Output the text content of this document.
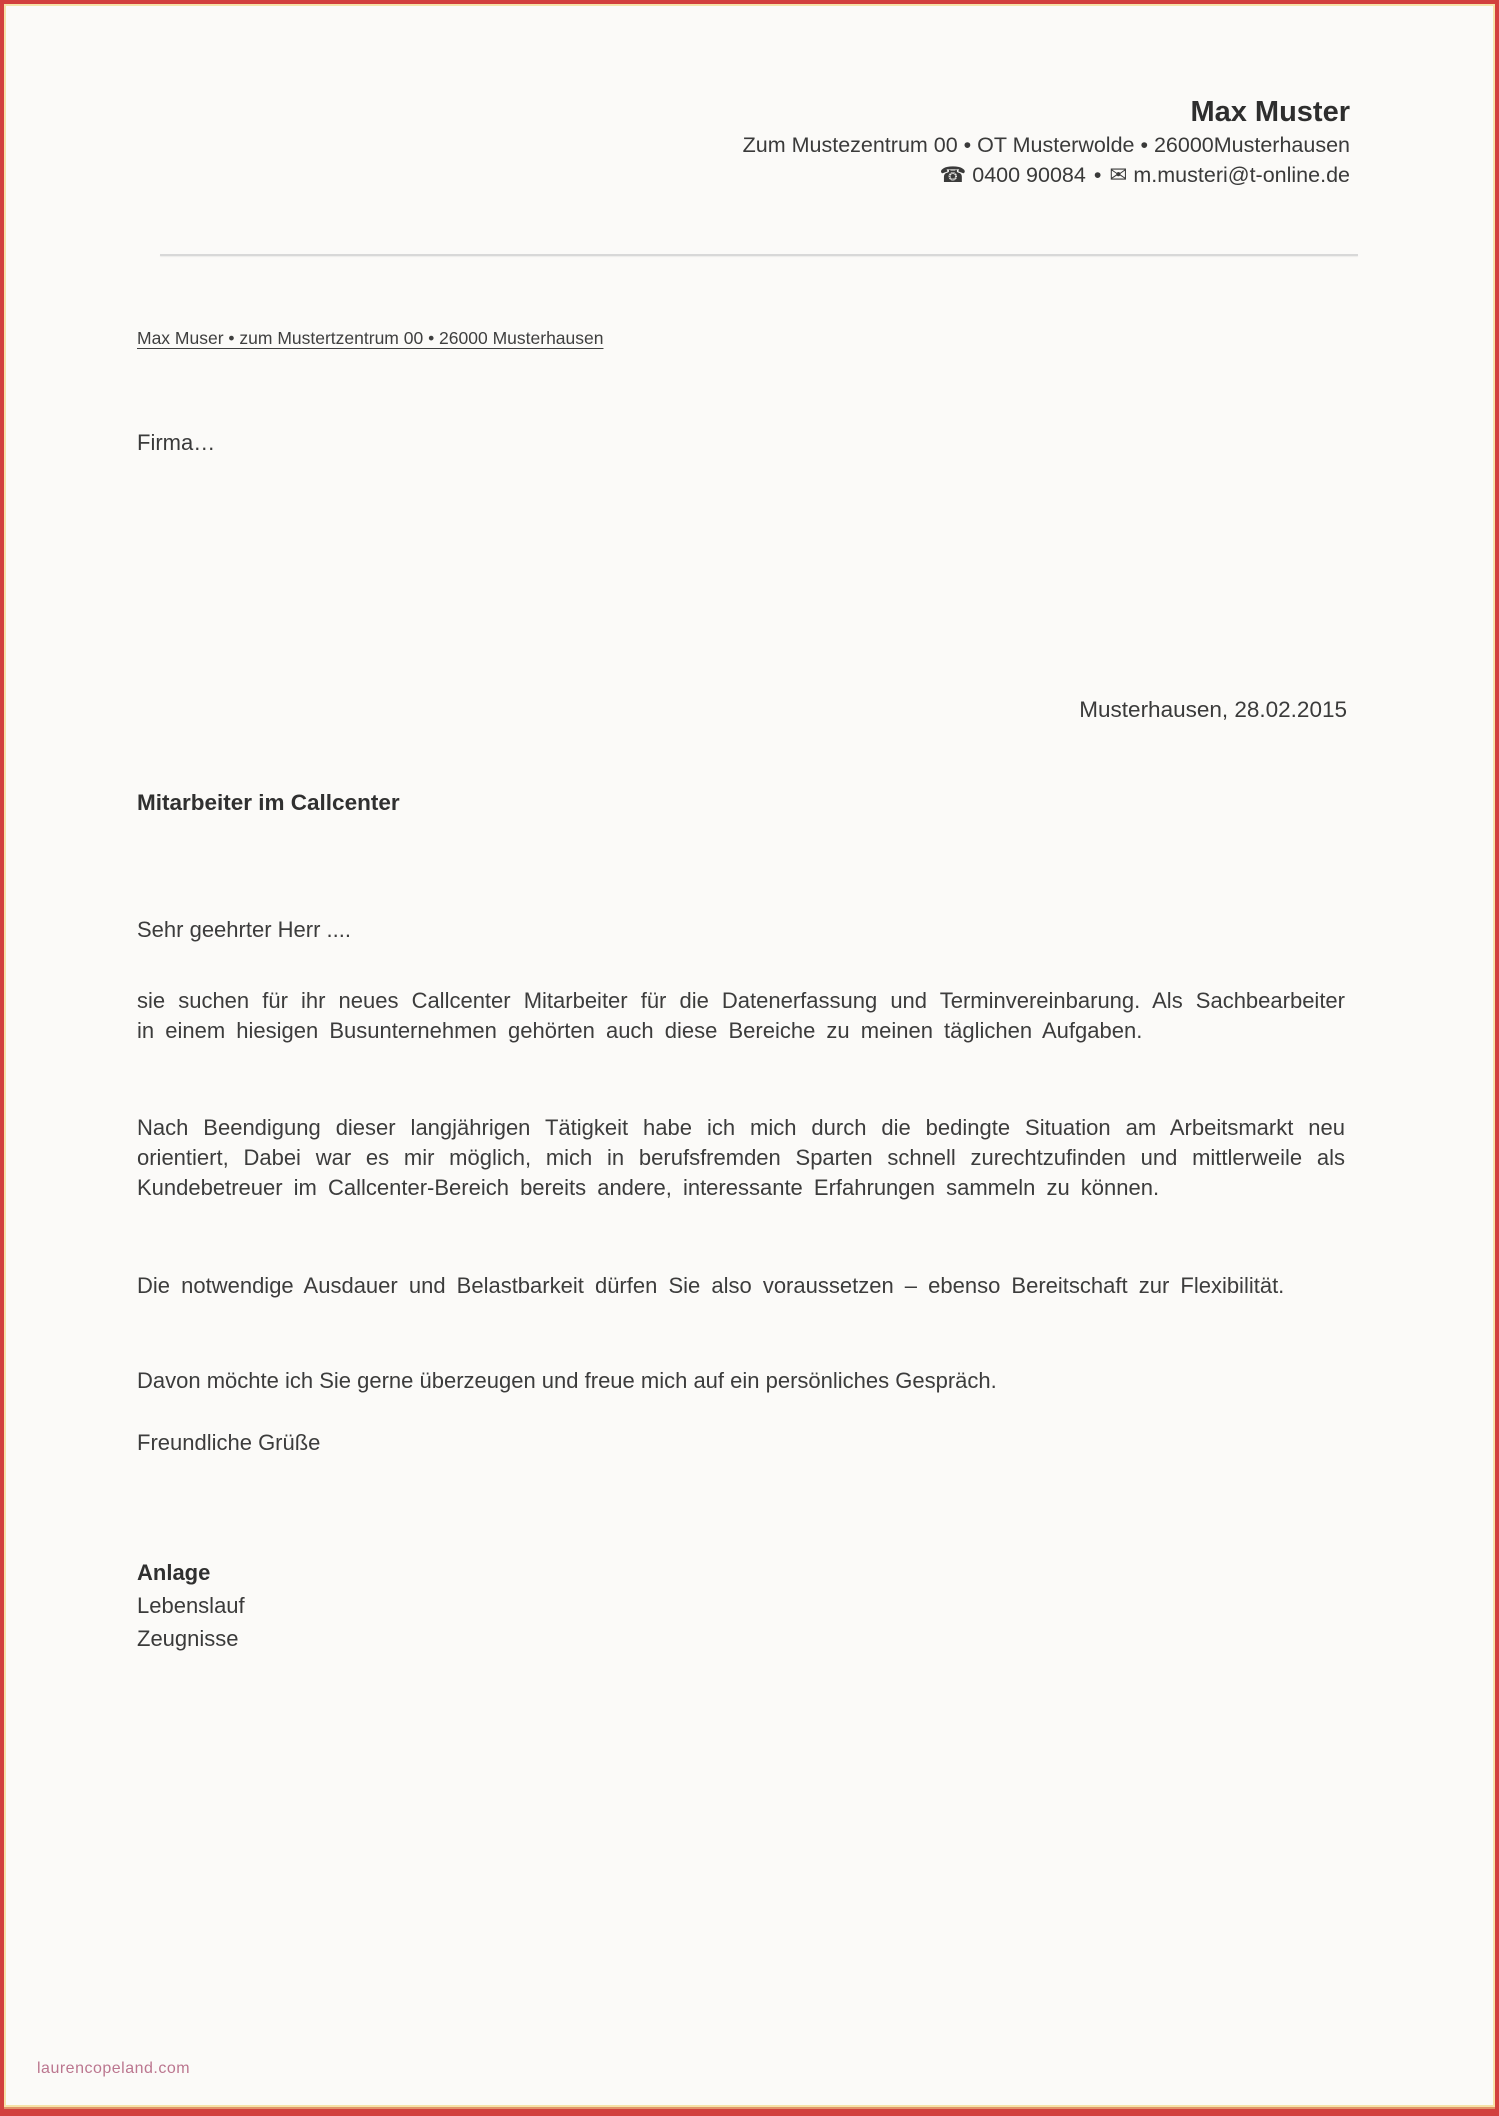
Max Muster
Zum Mustezentrum 00 • OT Musterwolde • 26000Musterhausen
☎ 0400 90084 • ✉ m.musteri@t-online.de
Max Muser • zum Mustertzentrum 00 • 26000 Musterhausen
Firma…
Musterhausen, 28.02.2015
Mitarbeiter im Callcenter

Sehr geehrter Herr ....

sie suchen für ihr neues Callcenter Mitarbeiter für die Datenerfassung und Terminvereinbarung. Als Sachbearbeiter in einem hiesigen Busunternehmen gehörten auch diese Bereiche zu meinen täglichen Aufgaben.

Nach Beendigung dieser langjährigen Tätigkeit habe ich mich durch die bedingte Situation am Arbeitsmarkt neu orientiert, Dabei war es mir möglich, mich in berufsfremden Sparten schnell zurechtzufinden und mittlerweile als Kundebetreuer im Callcenter-Bereich bereits andere, interessante Erfahrungen sammeln zu können.

Die notwendige Ausdauer und Belastbarkeit dürfen Sie also voraussetzen – ebenso Bereitschaft zur Flexibilität.

Davon möchte ich Sie gerne überzeugen und freue mich auf ein persönliches Gespräch.

Freundliche Grüße

Anlage
Lebenslauf
Zeugnisse
laurencopeland.com
